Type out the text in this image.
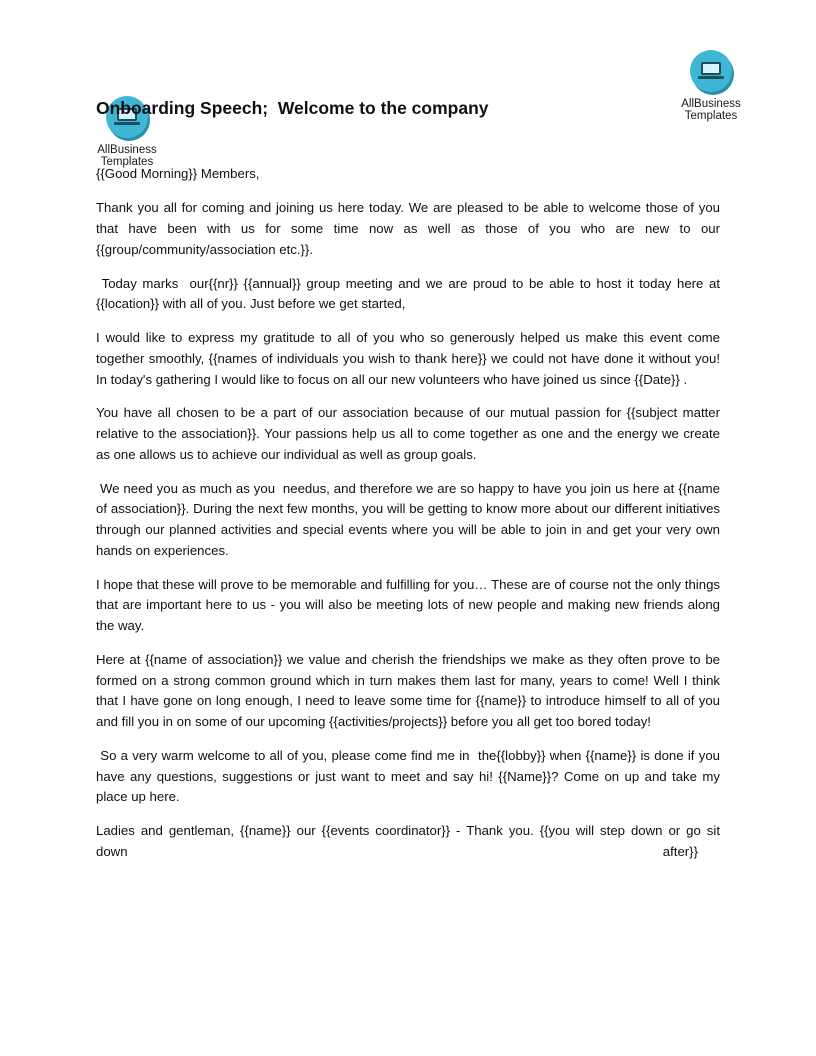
AllBusiness
Templates
AllBusiness
Templates
Onboarding Speech;  Welcome to the company

{{Good Morning}} Members,

Thank you all for coming and joining us here today. We are pleased to be able to welcome those of you that have been with us for some time now as well as those of you who are new to our {{group/community/association etc.}}.

Today marks  our{{nr}} {{annual}} group meeting and we are proud to be able to host it today here at {{location}} with all of you. Just before we get started,

I would like to express my gratitude to all of you who so generously helped us make this event come together smoothly, {{names of individuals you wish to thank here}} we could not have done it without you! In today's gathering I would like to focus on all our new volunteers who have joined us since {{Date}} .

You have all chosen to be a part of our association because of our mutual passion for {{subject matter relative to the association}}. Your passions help us all to come together as one and the energy we create as one allows us to achieve our individual as well as group goals.

We need you as much as you  needus, and therefore we are so happy to have you join us here at {{name of association}}. During the next few months, you will be getting to know more about our different initiatives through our planned activities and special events where you will be able to join in and get your very own hands on experiences.

I hope that these will prove to be memorable and fulfilling for you… These are of course not the only things that are important here to us - you will also be meeting lots of new people and making new friends along the way.

Here at {{name of association}} we value and cherish the friendships we make as they often prove to be formed on a strong common ground which in turn makes them last for many, years to come! Well I think that I have gone on long enough, I need to leave some time for {{name}} to introduce himself to all of you and fill you in on some of our upcoming {{activities/projects}} before you all get too bored today!

So a very warm welcome to all of you, please come find me in  the{{lobby}} when {{name}} is done if you have any questions, suggestions or just want to meet and say hi! {{Name}}? Come on up and take my place up here.

Ladies and gentleman, {{name}} our {{events coordinator}} - Thank you. {{you will step down or go sit

down	after}}
